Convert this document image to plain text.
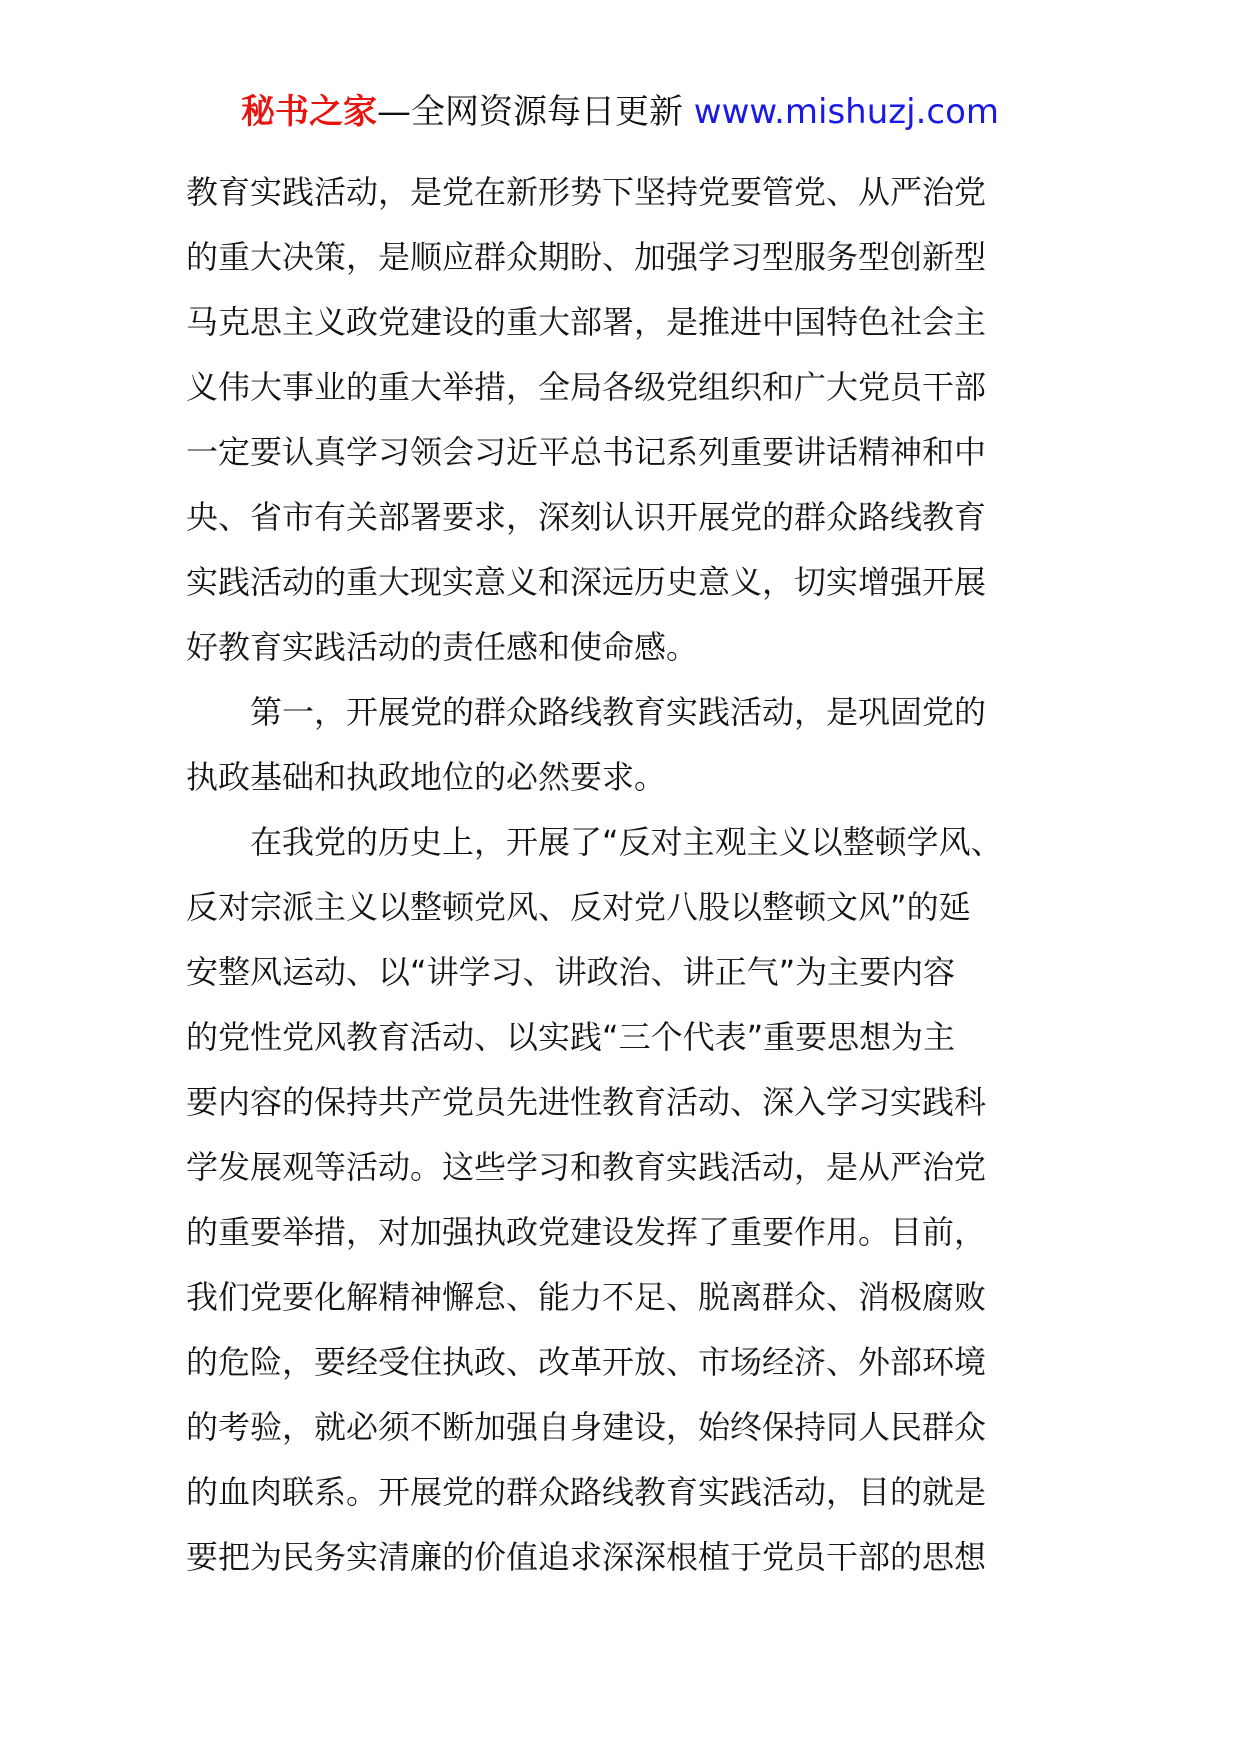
秘书之家—全网资源每日更新 www.mishuzj.com
教育实践活动，是党在新形势下坚持党要管党、从严治党
的重大决策，是顺应群众期盼、加强学习型服务型创新型
马克思主义政党建设的重大部署，是推进中国特色社会主
义伟大事业的重大举措，全局各级党组织和广大党员干部
一定要认真学习领会习近平总书记系列重要讲话精神和中
央、省市有关部署要求，深刻认识开展党的群众路线教育
实践活动的重大现实意义和深远历史意义，切实增强开展
好教育实践活动的责任感和使命感。
　　第一，开展党的群众路线教育实践活动，是巩固党的
执政基础和执政地位的必然要求。
　　在我党的历史上，开展了“反对主观主义以整顿学风、
反对宗派主义以整顿党风、反对党八股以整顿文风”的延
安整风运动、以“讲学习、讲政治、讲正气”为主要内容
的党性党风教育活动、以实践“三个代表”重要思想为主
要内容的保持共产党员先进性教育活动、深入学习实践科
学发展观等活动。这些学习和教育实践活动，是从严治党
的重要举措，对加强执政党建设发挥了重要作用。目前，
我们党要化解精神懈怠、能力不足、脱离群众、消极腐败
的危险，要经受住执政、改革开放、市场经济、外部环境
的考验，就必须不断加强自身建设，始终保持同人民群众
的血肉联系。开展党的群众路线教育实践活动，目的就是
要把为民务实清廉的价值追求深深根植于党员干部的思想
